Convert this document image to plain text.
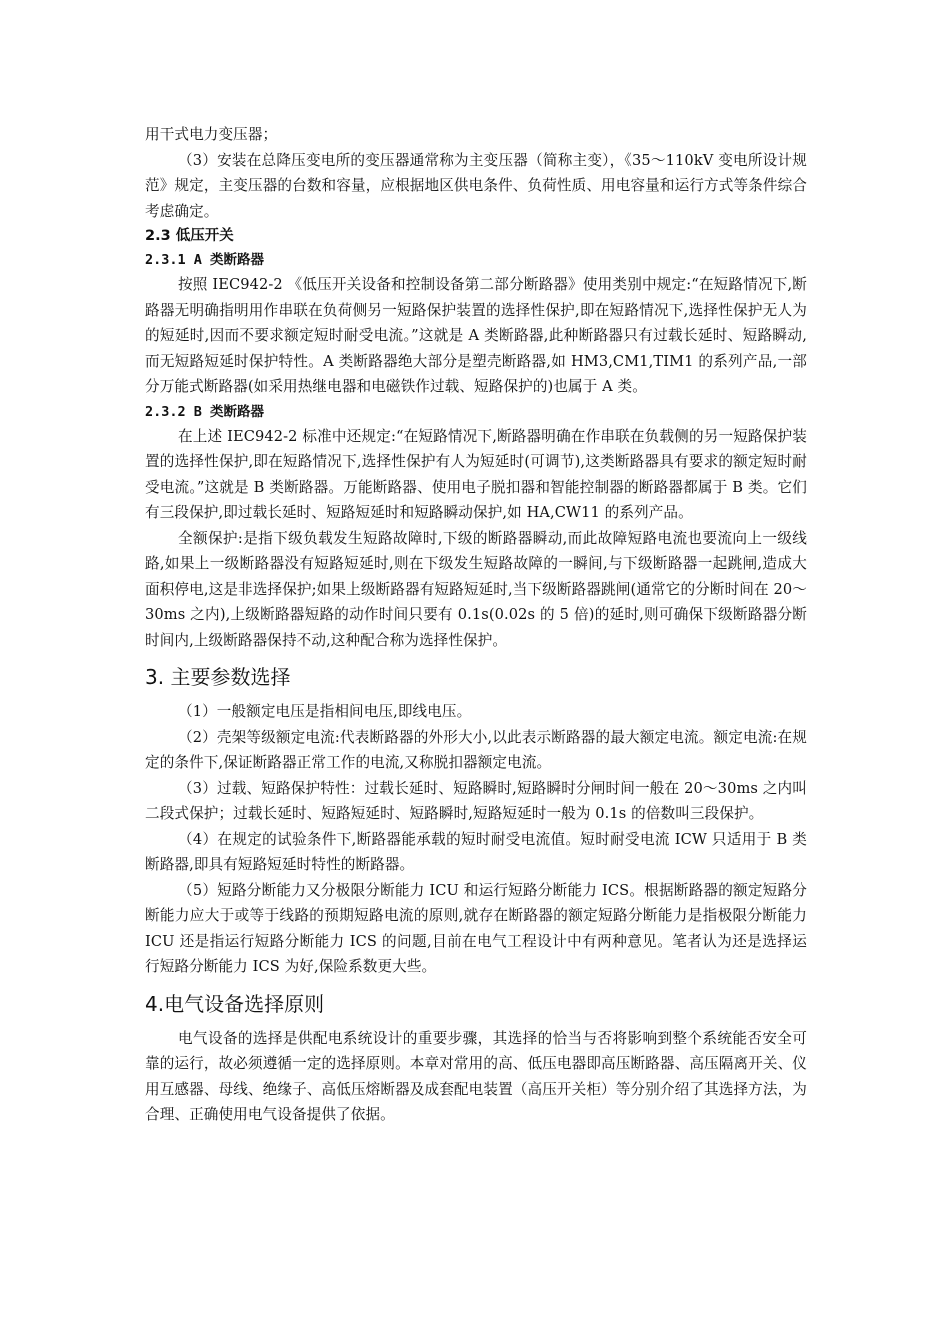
用干式电力变压器；

（3）安装在总降压变电所的变压器通常称为主变压器（简称主变），《35～110kV 变电所设计规范》规定，主变压器的台数和容量，应根据地区供电条件、负荷性质、用电容量和运行方式等条件综合考虑确定。

2.3 低压开关
2.3.1 A 类断路器

按照 IEC942-2 《低压开关设备和控制设备第二部分断路器》使用类别中规定:“在短路情况下,断路器无明确指明用作串联在负荷侧另一短路保护装置的选择性保护,即在短路情况下,选择性保护无人为的短延时,因而不要求额定短时耐受电流。”这就是 A 类断路器,此种断路器只有过载长延时、短路瞬动,而无短路短延时保护特性。A 类断路器绝大部分是塑壳断路器,如 HM3,CM1,TIM1 的系列产品,一部分万能式断路器(如采用热继电器和电磁铁作过载、短路保护的)也属于 A 类。

2.3.2 B 类断路器

在上述 IEC942-2 标准中还规定:“在短路情况下,断路器明确在作串联在负载侧的另一短路保护装置的选择性保护,即在短路情况下,选择性保护有人为短延时(可调节),这类断路器具有要求的额定短时耐受电流。”这就是 B 类断路器。万能断路器、使用电子脱扣器和智能控制器的断路器都属于 B 类。它们有三段保护,即过载长延时、短路短延时和短路瞬动保护,如 HA,CW11 的系列产品。

全额保护:是指下级负载发生短路故障时,下级的断路器瞬动,而此故障短路电流也要流向上一级线路,如果上一级断路器没有短路短延时,则在下级发生短路故障的一瞬间,与下级断路器一起跳闸,造成大面积停电,这是非选择保护;如果上级断路器有短路短延时,当下级断路器跳闸(通常它的分断时间在 20～30ms 之内),上级断路器短路的动作时间只要有 0.1s(0.02s 的 5 倍)的延时,则可确保下级断路器分断时间内,上级断路器保持不动,这种配合称为选择性保护。

3. 主要参数选择

（1）一般额定电压是指相间电压,即线电压。

（2）壳架等级额定电流:代表断路器的外形大小,以此表示断路器的最大额定电流。额定电流:在规定的条件下,保证断路器正常工作的电流,又称脱扣器额定电流。

（3）过载、短路保护特性：过载长延时、短路瞬时,短路瞬时分闸时间一般在 20～30ms 之内叫二段式保护；过载长延时、短路短延时、短路瞬时,短路短延时一般为 0.1s 的倍数叫三段保护。

（4）在规定的试验条件下,断路器能承载的短时耐受电流值。短时耐受电流 ICW 只适用于 B 类断路器,即具有短路短延时特性的断路器。

（5）短路分断能力又分极限分断能力 ICU 和运行短路分断能力 ICS。根据断路器的额定短路分断能力应大于或等于线路的预期短路电流的原则,就存在断路器的额定短路分断能力是指极限分断能力 ICU 还是指运行短路分断能力 ICS 的问题,目前在电气工程设计中有两种意见。笔者认为还是选择运行短路分断能力 ICS 为好,保险系数更大些。

4.电气设备选择原则

电气设备的选择是供配电系统设计的重要步骤，其选择的恰当与否将影响到整个系统能否安全可靠的运行，故必须遵循一定的选择原则。本章对常用的高、低压电器即高压断路器、高压隔离开关、仪用互感器、母线、绝缘子、高低压熔断器及成套配电装置（高压开关柜）等分别介绍了其选择方法，为合理、正确使用电气设备提供了依据。
